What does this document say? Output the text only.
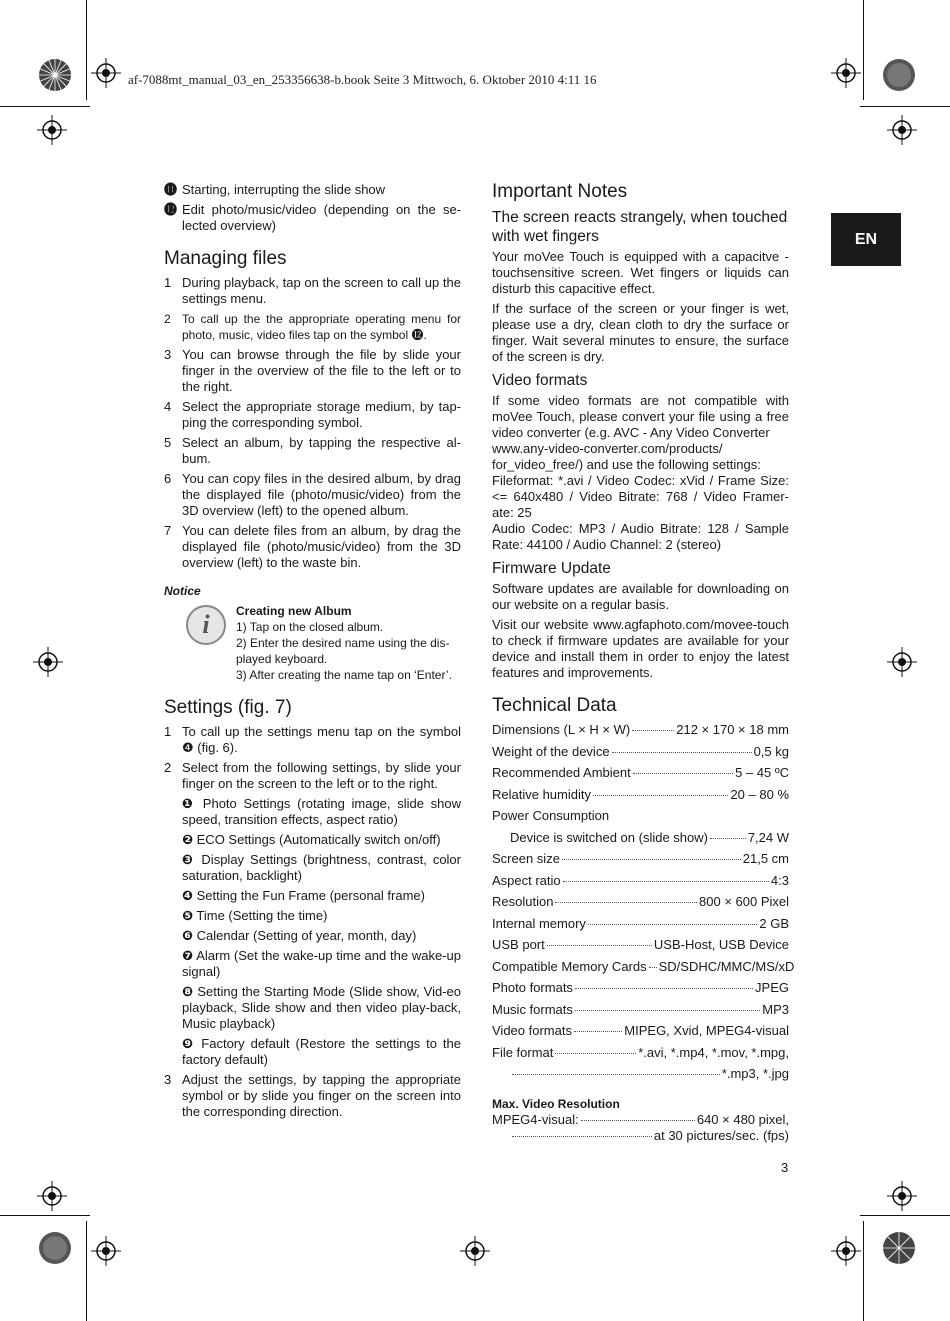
af-7088mt_manual_03_en_253356638-b.book Seite 3 Mittwoch, 6. Oktober 2010 4:11 16
EN
⓫ Starting, interrupting the slide show
⓬ Edit photo/music/video (depending on the se-lected overview)
Managing files
1 During playback, tap on the screen to call up the settings menu.
2 To call up the the appropriate operating menu for photo, music, video files tap on the symbol ⓬.
3 You can browse through the file by slide your finger in the overview of the file to the left or to the right.
4 Select the appropriate storage medium, by tap-ping the corresponding symbol.
5 Select an album, by tapping the respective al-bum.
6 You can copy files in the desired album, by drag the displayed file (photo/music/video) from the 3D overview (left) to the opened album.
7 You can delete files from an album, by drag the displayed file (photo/music/video) from the 3D overview (left) to the waste bin.

Notice

i	Creating new Album

1) Tap on the closed album.

2) Enter the desired name using the dis-played keyboard.

3) After creating the name tap on ‘Enter’.

Settings (fig. 7)
1 To call up the settings menu tap on the symbol ❹ (fig. 6).
2 Select from the following settings, by slide your finger on the screen to the left or to the right.

❶ Photo Settings (rotating image, slide show speed, transition effects, aspect ratio)

❷ ECO Settings (Automatically switch on/off)

❸ Display Settings (brightness, contrast, color saturation, backlight)

❹ Setting the Fun Frame (personal frame)

❺ Time (Setting the time)

❻ Calendar (Setting of year, month, day)

❼ Alarm (Set the wake-up time and the wake-up signal)

❽ Setting the Starting Mode (Slide show, Vid-eo playback, Slide show and then video play-back, Music playback)

❾ Factory default (Restore the settings to the factory default)

3 Adjust the settings, by tapping the appropriate symbol or by slide you finger on the screen into the corresponding direction.
Important Notes
The screen reacts strangely, when touched with wet fingers

Your moVee Touch is equipped with a capacitve -touchsensitive screen. Wet fingers or liquids can disturb this capacitive effect.

If the surface of the screen or your finger is wet, please use a dry, clean cloth to dry the surface or finger. Wait several minutes to ensure, the surface of the screen is dry.

Video formats

If some video formats are not compatible with moVee Touch, please convert your file using a free video converter (e.g. AVC - Any Video Converter

www.any-video-converter.com/products/

for_video_free/) and use the following settings:

Fileformat: *.avi / Video Codec: xVid / Frame Size: <= 640x480 / Video Bitrate: 768 / Video Framer-ate: 25

Audio Codec: MP3 / Audio Bitrate: 128 / Sample Rate: 44100 / Audio Channel: 2 (stereo)

Firmware Update

Software updates are available for downloading on our website on a regular basis.

Visit our website www.agfaphoto.com/movee-touch to check if firmware updates are available for your device and install them in order to enjoy the latest features and improvements.

Technical Data
Dimensions (L × H × W)	212 × 170 × 18 mm
Weight of the device	0,5 kg
Recommended Ambient	5 – 45 ºC
Relative humidity	20 – 80 %
Power Consumption
Device is switched on (slide show)	7,24 W
Screen size	21,5 cm
Aspect ratio	4:3
Resolution	800 × 600 Pixel
Internal memory	2 GB
USB port	USB-Host, USB Device
Compatible Memory Cards SD/SDHC/MMC/MS/xD
Photo formats	JPEG
Music formats	MP3
Video formats	MIPEG, Xvid, MPEG4-visual
File format	*.avi, *.mp4, *.mov, *.mpg,
*.mp3, *.jpg

Max. Video Resolution

MPEG4-visual:	640 × 480 pixel,
at 30 pictures/sec. (fps)
3
